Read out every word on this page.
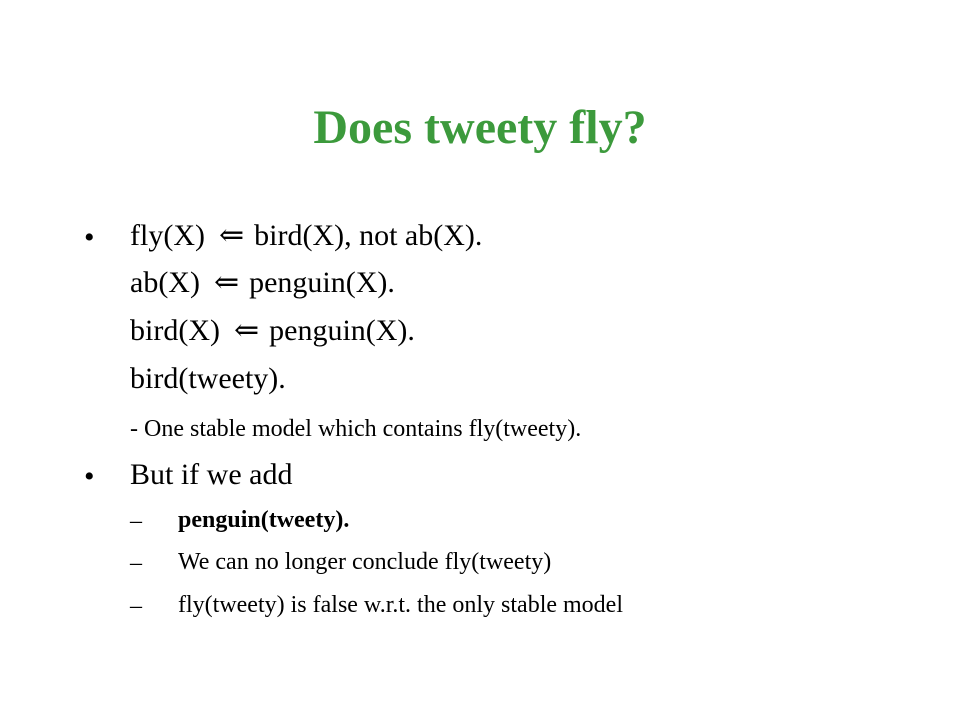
Does tweety fly?
• fly(X) ⇐ bird(X), not ab(X).
ab(X) ⇐ penguin(X).
bird(X) ⇐ penguin(X).
bird(tweety).
- One stable model which contains fly(tweety).
• But if we add
– penguin(tweety).
– We can no longer conclude fly(tweety)
– fly(tweety) is false w.r.t. the only stable model
